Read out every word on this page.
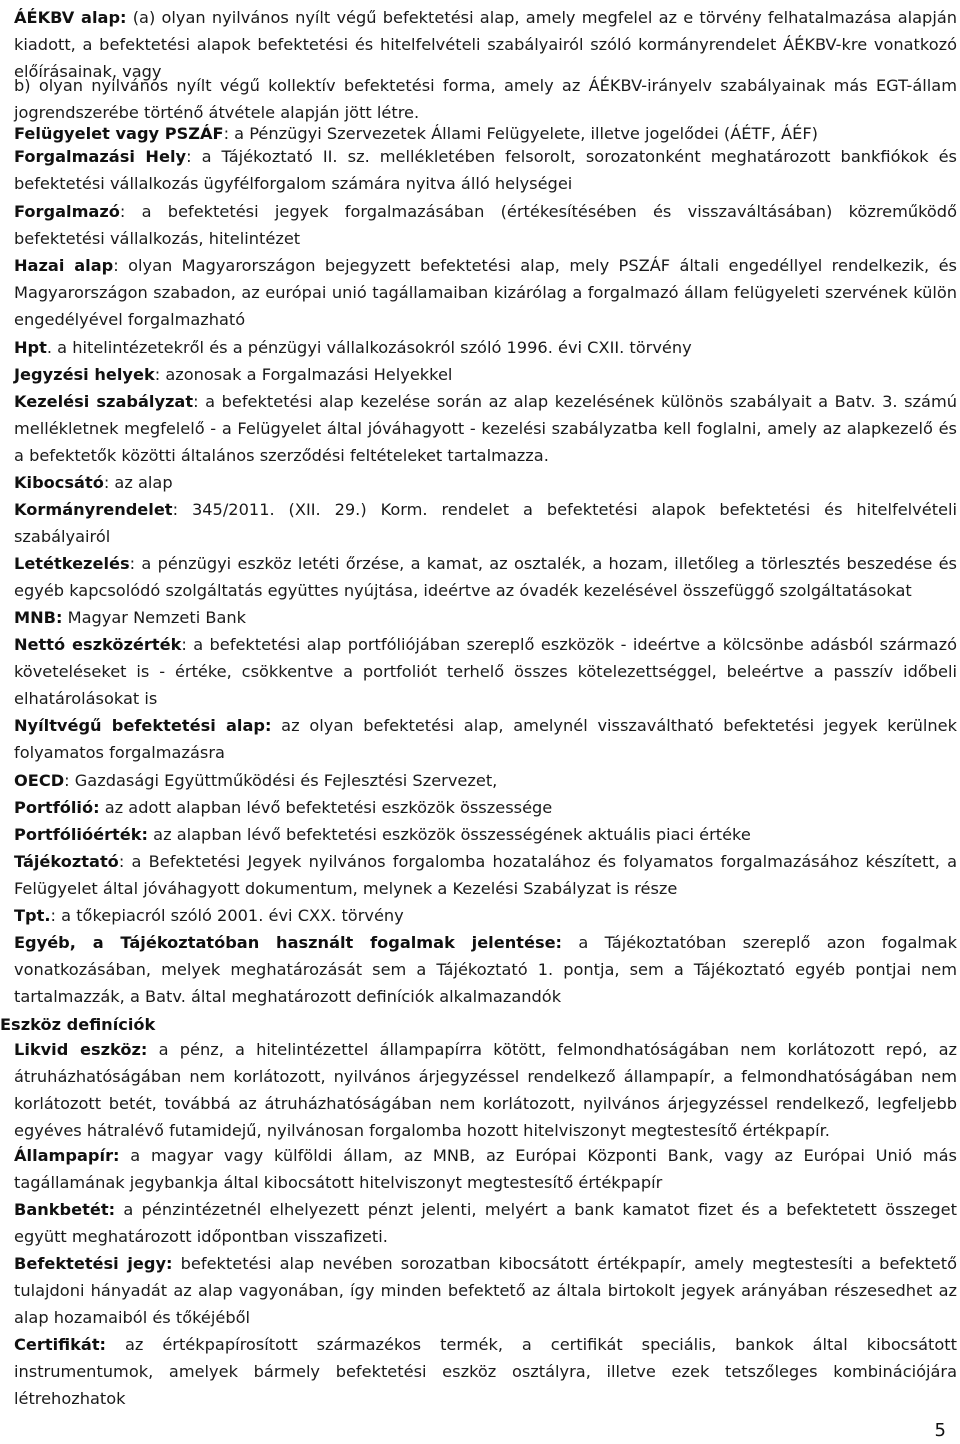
ÁÉKBV alap: (a) olyan nyilvános nyílt végű befektetési alap, amely megfelel az e törvény felhatalmazása alapján kiadott, a befektetési alapok befektetési és hitelfelvételi szabályairól szóló kormányrendelet ÁÉKBV-kre vonatkozó előírásainak, vagy
b) olyan nyilvános nyílt végű kollektív befektetési forma, amely az ÁÉKBV-irányelv szabályainak más EGT-állam jogrendszerébe történő átvétele alapján jött létre.
Felügyelet vagy PSZÁF: a Pénzügyi Szervezetek Állami Felügyelete, illetve jogelődei (ÁÉTF, ÁÉF)
Forgalmazási Hely: a Tájékoztató II. sz. mellékletében felsorolt, sorozatonként meghatározott bankfiókok és befektetési vállalkozás ügyfélforgalom számára nyitva álló helységei
Forgalmazó: a befektetési jegyek forgalmazásában (értékesítésében és visszaváltásában) közreműködő befektetési vállalkozás, hitelintézet
Hazai alap: olyan Magyarországon bejegyzett befektetési alap, mely PSZÁF általi engedéllyel rendelkezik, és Magyarországon szabadon, az európai unió tagállamaiban kizárólag a forgalmazó állam felügyeleti szervének külön engedélyével forgalmazható
Hpt. a hitelintézetekről és a pénzügyi vállalkozásokról szóló 1996. évi CXII. törvény
Jegyzési helyek: azonosak a Forgalmazási Helyekkel
Kezelési szabályzat: a befektetési alap kezelése során az alap kezelésének különös szabályait a Batv. 3. számú mellékletnek megfelelő - a Felügyelet által jóváhagyott - kezelési szabályzatba kell foglalni, amely az alapkezelő és a befektetők közötti általános szerződési feltételeket tartalmazza.
Kibocsátó: az alap
Kormányrendelet: 345/2011. (XII. 29.) Korm. rendelet a befektetési alapok befektetési és hitelfelvételi szabályairól
Letétkezelés: a pénzügyi eszköz letéti őrzése, a kamat, az osztalék, a hozam, illetőleg a törlesztés beszedése és egyéb kapcsolódó szolgáltatás együttes nyújtása, ideértve az óvadék kezelésével összefüggő szolgáltatásokat
MNB: Magyar Nemzeti Bank
Nettó eszközérték: a befektetési alap portfóliójában szereplő eszközök - ideértve a kölcsönbe adásból származó követeléseket is - értéke, csökkentve a portfoliót terhelő összes kötelezettséggel, beleértve a passzív időbeli elhatárolásokat is
Nyíltvégű befektetési alap: az olyan befektetési alap, amelynél visszaváltható befektetési jegyek kerülnek folyamatos forgalmazásra
OECD: Gazdasági Együttműködési és Fejlesztési Szervezet,
Portfólió: az adott alapban lévő befektetési eszközök összessége
Portfólióérték: az alapban lévő befektetési eszközök összességének aktuális piaci értéke
Tájékoztató: a Befektetési Jegyek nyilvános forgalomba hozatalához és folyamatos forgalmazásához készített, a Felügyelet által jóváhagyott dokumentum, melynek a Kezelési Szabályzat is része
Tpt.: a tőkepiacról szóló 2001. évi CXX. törvény
Egyéb, a Tájékoztatóban használt fogalmak jelentése: a Tájékoztatóban szereplő azon fogalmak vonatkozásában, melyek meghatározását sem a Tájékoztató 1. pontja, sem a Tájékoztató egyéb pontjai nem tartalmazzák, a Batv. által meghatározott definíciók alkalmazandók
Eszköz definíciók
Likvid eszköz: a pénz, a hitelintézettel állampapírra kötött, felmondhatóságában nem korlátozott repó, az átruházhatóságában nem korlátozott, nyilvános árjegyzéssel rendelkező állampapír, a felmondhatóságában nem korlátozott betét, továbbá az átruházhatóságában nem korlátozott, nyilvános árjegyzéssel rendelkező, legfeljebb egyéves hátralévő futamidejű, nyilvánosan forgalomba hozott hitelviszonyt megtestesítő értékpapír.
Állampapír: a magyar vagy külföldi állam, az MNB, az Európai Központi Bank, vagy az Európai Unió más tagállamának jegybankja által kibocsátott hitelviszonyt megtestesítő értékpapír
Bankbetét: a pénzintézetnél elhelyezett pénzt jelenti, melyért a bank kamatot fizet és a befektetett összeget együtt meghatározott időpontban visszafizeti.
Befektetési jegy: befektetési alap nevében sorozatban kibocsátott értékpapír, amely megtestesíti a befektető tulajdoni hányadát az alap vagyonában, így minden befektető az általa birtokolt jegyek arányában részesedhet az alap hozamaiból és tőkéjéből
Certifikát: az értékpapírosított származékos termék, a certifikát speciális, bankok által kibocsátott instrumentumok, amelyek bármely befektetési eszköz osztályra, illetve ezek tetszőleges kombinációjára létrehozhatok
5
